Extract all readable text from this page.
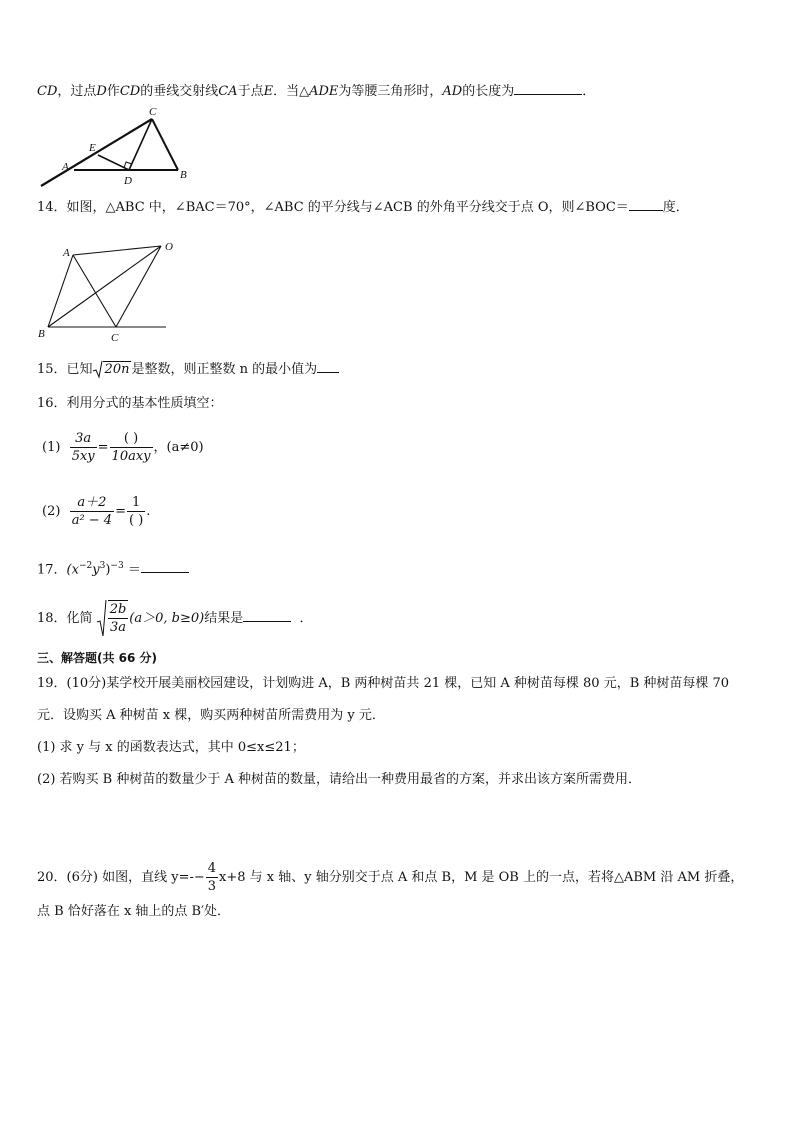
CD，过点D作CD的垂线交射线CA于点E．当△ADE为等腰三角形时，AD的长度为	．
A
B
C
D
E
14．如图，△ABC 中，∠BAC＝70°，∠ABC 的平分线与∠ACB 的外角平分线交于点 O，则∠BOC＝	度．
A
B	C
O
15．已知 20n 是整数，则正整数 n 的最小值为
16．利用分式的基本性质填空：
$(1) \frac{3a}{5xy} = \frac{( )}{\text{10axy}}$ ，(a≠0)
$(2) \frac{a+2}{\text{a² − 4}} = \frac{1}{( )}$ .
17．$(x^{-2}y^3)^{-3}$ ＝
18．化简 $\frac{2b}{3a} (a>0$, b≥0)结果是	．
三、解答题(共 66 分)
19．(10分)某学校开展美丽校园建设，计划购进 A，B 两种树苗共 21 棵，已知 A 种树苗每棵 80 元，B 种树苗每棵 70
元．设购买 A 种树苗 x 棵，购买两种树苗所需费用为 y 元．
(1) 求 y 与 x 的函数表达式，其中 0≤x≤21；
(2) 若购买 B 种树苗的数量少于 A 种树苗的数量，请给出一种费用最省的方案，并求出该方案所需费用．
20．(6分) 如图，直线 $y=-- \frac{4}{3} x+8$ 与 x 轴、y 轴分别交于点 A 和点 B，M 是 OB 上的一点，若将△ABM 沿 AM 折叠，
点 B 恰好落在 x 轴上的点 B′处．
